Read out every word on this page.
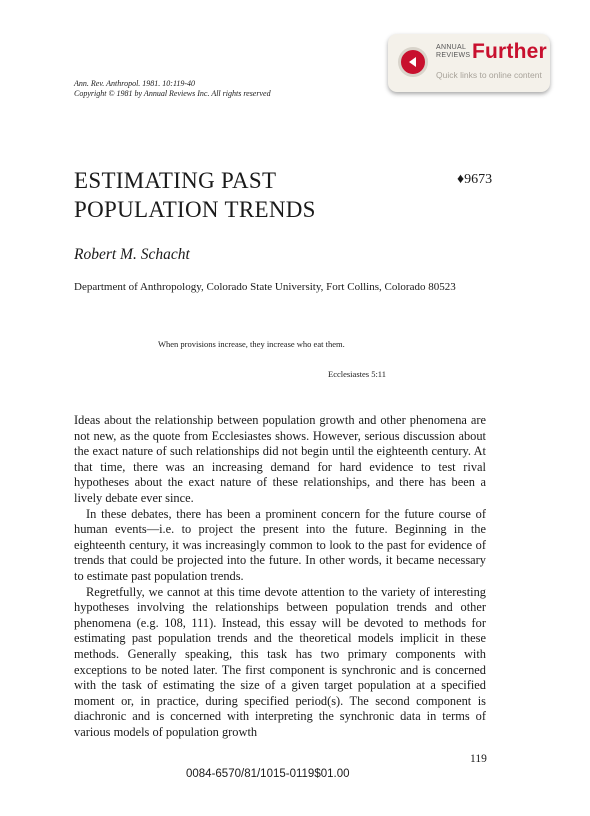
ANNUAL
REVIEWS Further
Quick links to online content
Ann. Rev. Anthropol. 1981. 10:119-40
Copyright © 1981 by Annual Reviews Inc. All rights reserved
ESTIMATING PAST
POPULATION TRENDS
♦9673
Robert M. Schacht
Department of Anthropology, Colorado State University, Fort Collins, Colorado 80523
When provisions increase, they increase who eat them.
Ecclesiastes 5:11

Ideas about the relationship between population growth and other phenomena are not new, as the quote from Ecclesiastes shows. However, serious discussion about the exact nature of such relationships did not begin until the eighteenth century. At that time, there was an increasing demand for hard evidence to test rival hypotheses about the exact nature of these relationships, and there has been a lively debate ever since.

In these debates, there has been a prominent concern for the future course of human events—i.e. to project the present into the future. Beginning in the eighteenth century, it was increasingly common to look to the past for evidence of trends that could be projected into the future. In other words, it became necessary to estimate past population trends.

Regretfully, we cannot at this time devote attention to the variety of interesting hypotheses involving the relationships between population trends and other phenomena (e.g. 108, 111). Instead, this essay will be devoted to methods for estimating past population trends and the theoretical models implicit in these methods. Generally speaking, this task has two primary components with exceptions to be noted later. The first component is synchronic and is concerned with the task of estimating the size of a given target population at a specified moment or, in practice, during specified period(s). The second component is diachronic and is concerned with interpreting the synchronic data in terms of various models of population growth

119
0084-6570/81/1015-0119$01.00
